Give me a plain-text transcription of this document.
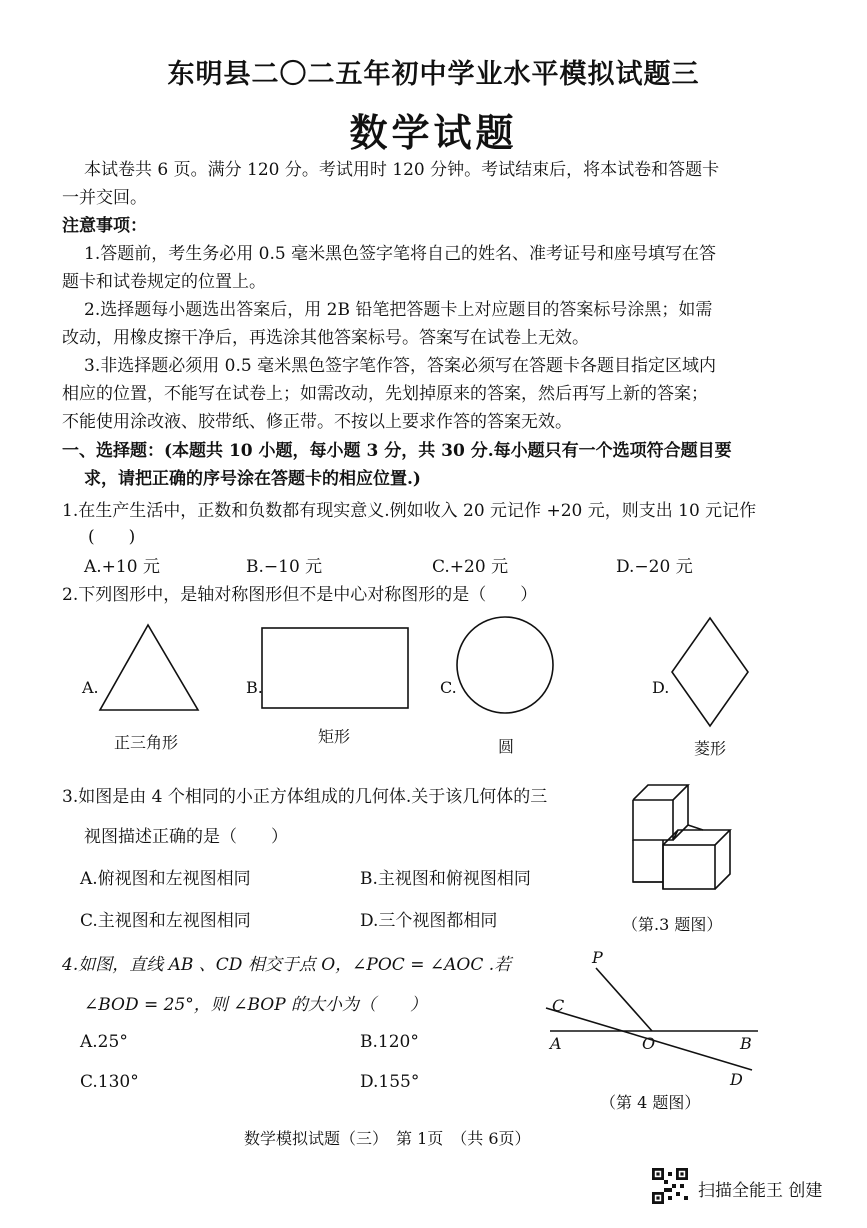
东明县二〇二五年初中学业水平模拟试题三
数学试题
本试卷共 6 页。满分 120 分。考试用时 120 分钟。考试结束后，将本试卷和答题卡
一并交回。
注意事项：
1.答题前，考生务必用 0.5 毫米黑色签字笔将自己的姓名、准考证号和座号填写在答
题卡和试卷规定的位置上。
2.选择题每小题选出答案后，用 2B 铅笔把答题卡上对应题目的答案标号涂黑；如需
改动，用橡皮擦干净后，再选涂其他答案标号。答案写在试卷上无效。
3.非选择题必须用 0.5 毫米黑色签字笔作答，答案必须写在答题卡各题目指定区域内
相应的位置，不能写在试卷上；如需改动，先划掉原来的答案，然后再写上新的答案；
不能使用涂改液、胶带纸、修正带。不按以上要求作答的答案无效。
一、选择题：(本题共 10 小题，每小题 3 分，共 30 分.每小题只有一个选项符合题目要
求，请把正确的序号涂在答题卡的相应位置.)
1.在生产生活中，正数和负数都有现实意义.例如收入 20 元记作 +20 元，则支出 10 元记作
(　　)
A.+10 元	B.−10 元	C.+20 元	D.−20 元
2.下列图形中，是轴对称图形但不是中心对称图形的是（　　）
A.	B.	C.	D.
正三角形	矩形
圆	菱形
3.如图是由 4 个相同的小正方体组成的几何体.关于该几何体的三
视图描述正确的是（　　）
A.俯视图和左视图相同	B.主视图和俯视图相同
C.主视图和左视图相同	D.三个视图都相同	（第.3 题图）
4.如图，直线 AB 、CD 相交于点 O，∠POC = ∠AOC .若
∠BOD = 25°，则 ∠BOP 的大小为（　　）
A.25°	B.120°
C.130°	D.155°
P
C
A	O	B
D
（第 4 题图）
数学模拟试题（三）　第 1页　（共 6页）
扫描全能王 创建
